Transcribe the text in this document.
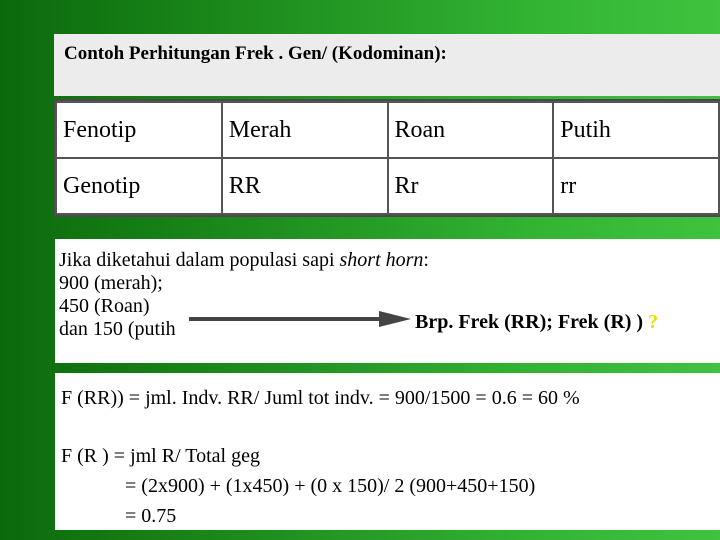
Contoh Perhitungan Frek . Gen/ (Kodominan):

Fenotip	Merah	Roan	Putih
Genotip	RR	Rr	rr
Jika diketahui dalam populasi sapi short horn:
900 (merah);
450 (Roan)
dan 150 (putih	Brp. Frek (RR); Frek (R) ) ?
F (RR)) = jml. Indv. RR/ Juml tot indv. = 900/1500 = 0.6 = 60 %
F (R ) = jml R/ Total geg
= (2x900) + (1x450) + (0 x 150)/ 2 (900+450+150)
= 0.75
